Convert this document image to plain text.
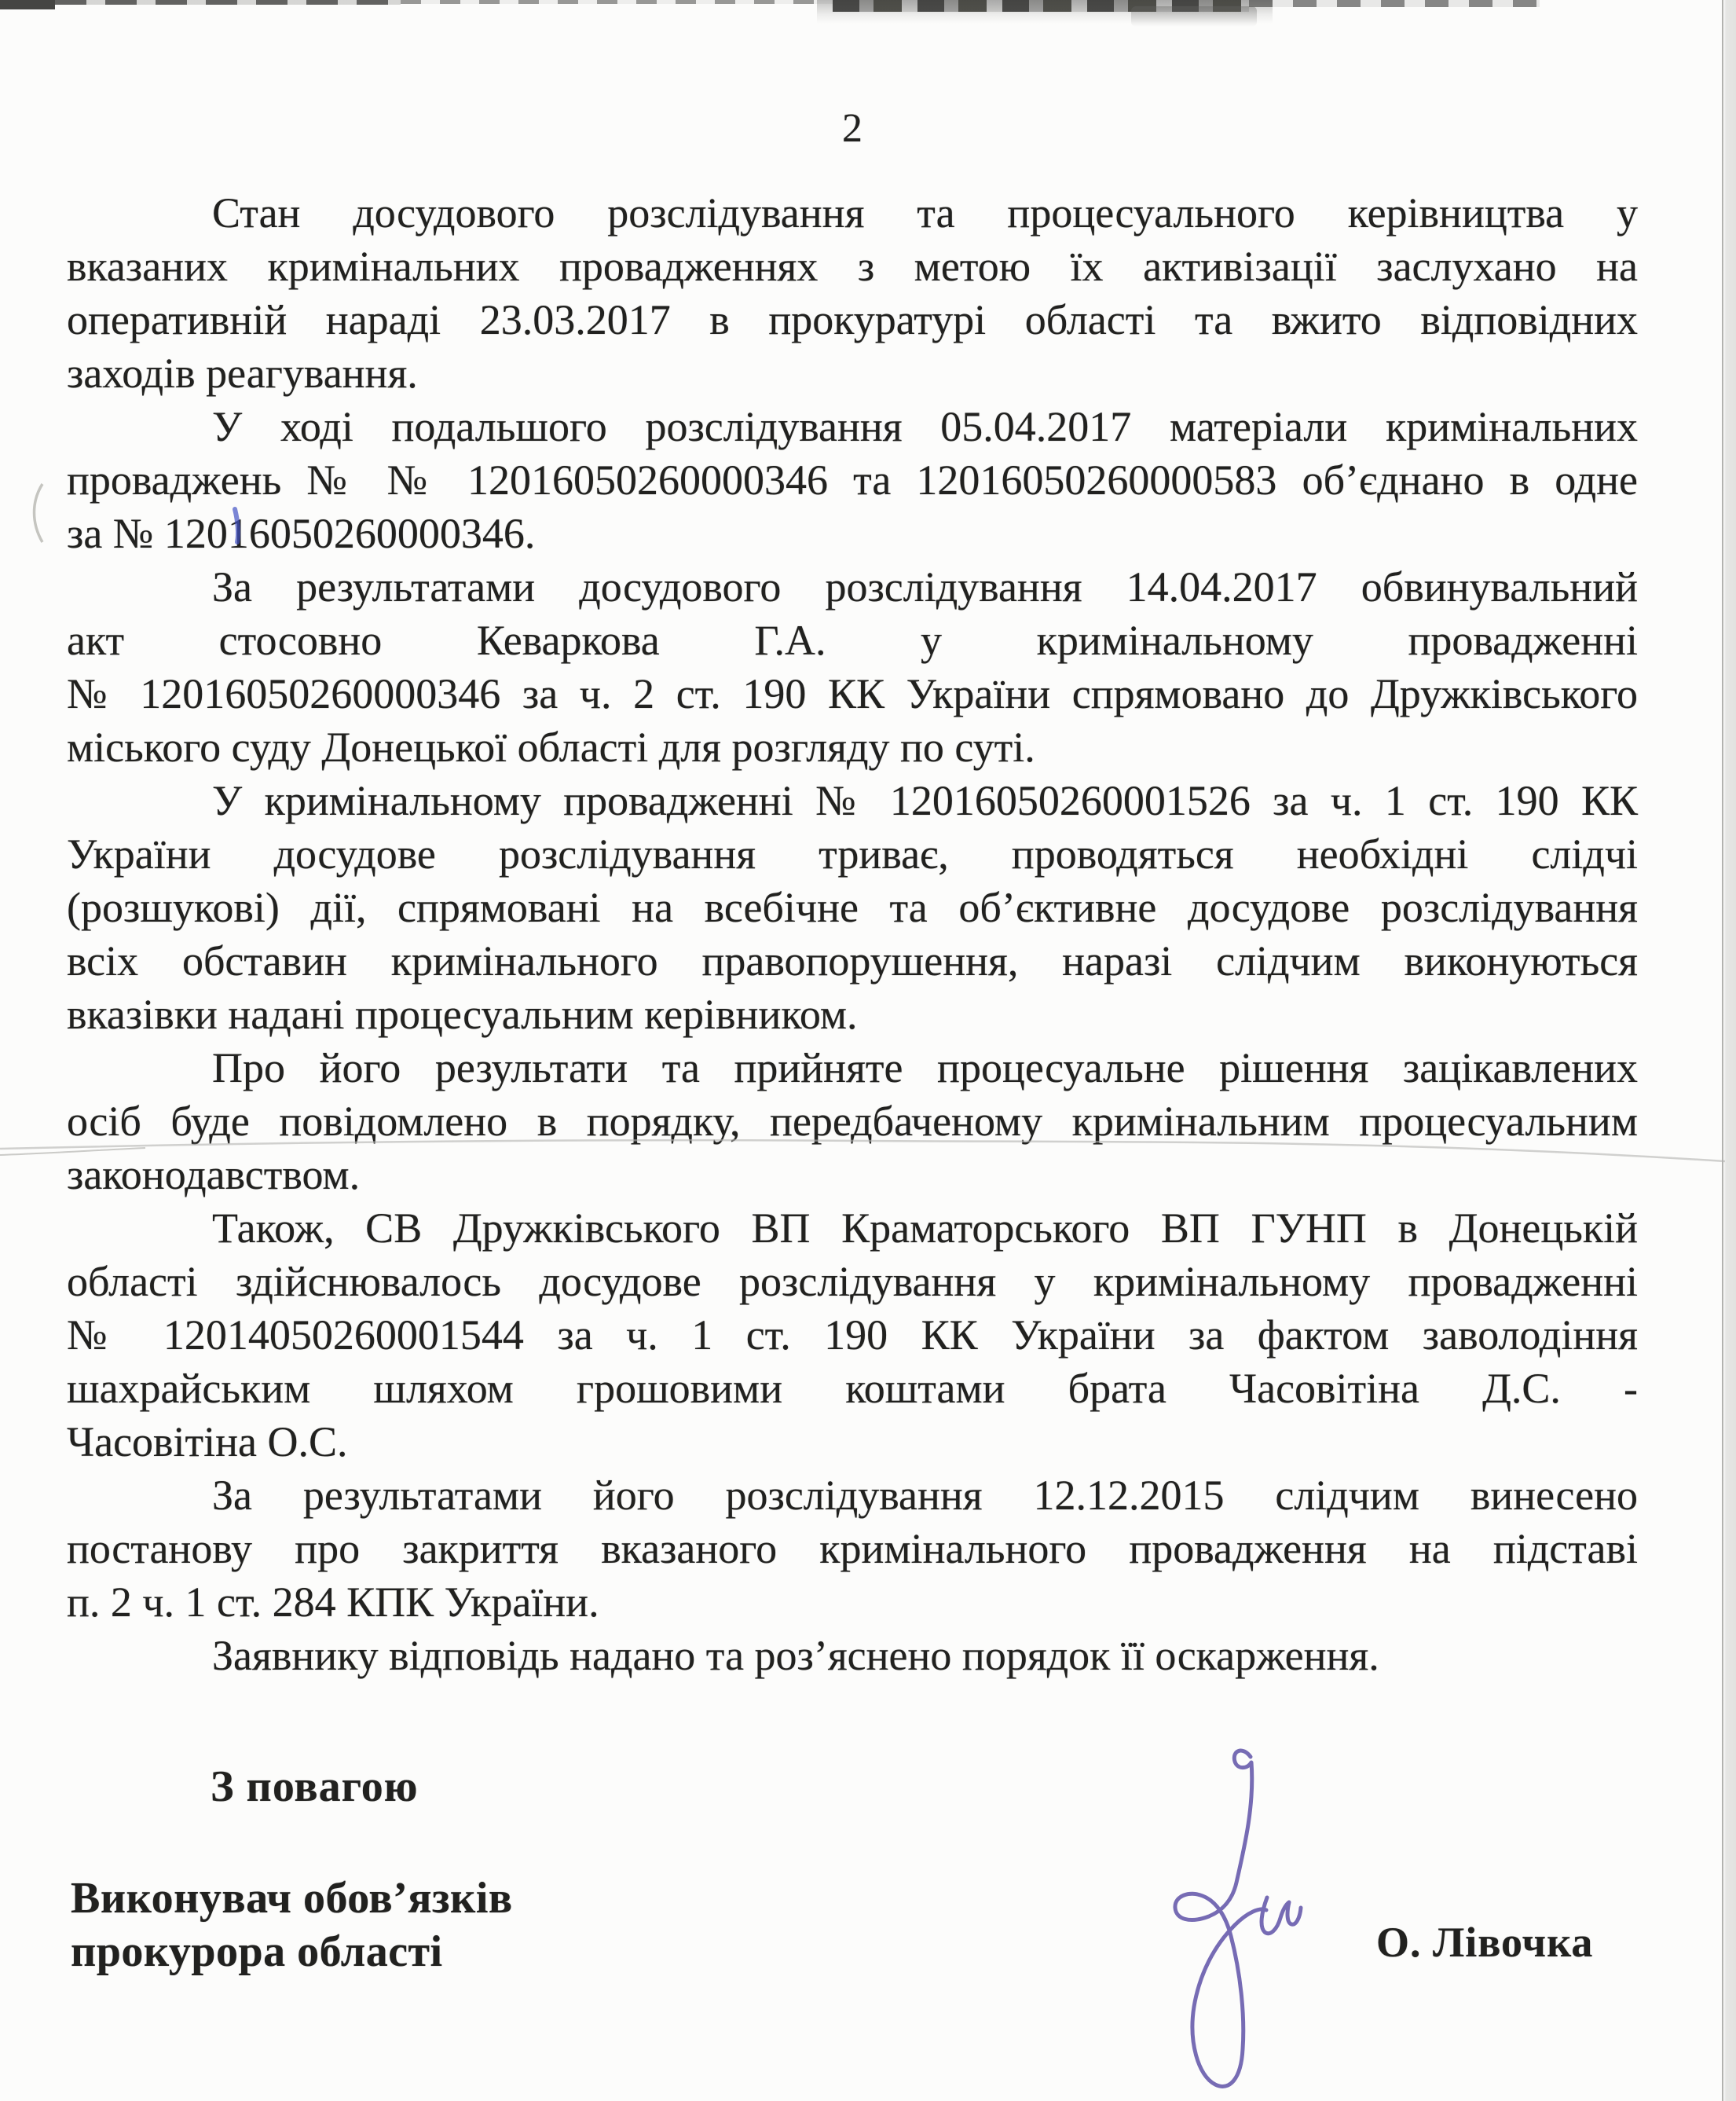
2
Стан досудового розслідування та процесуального керівництва у
вказаних кримінальних провадженнях з метою їх активізації заслухано на
оперативній нараді 23.03.2017 в прокуратурі області та вжито відповідних
заходів реагування.
У ході подальшого розслідування 05.04.2017 матеріали кримінальних
проваджень № № 12016050260000346 та 12016050260000583 об’єднано в одне
за № 12016050260000346.
За результатами досудового розслідування 14.04.2017 обвинувальний
акт стосовно Кеваркова Г.А. у кримінальному провадженні
№ 12016050260000346 за ч. 2 ст. 190 КК України спрямовано до Дружківського
міського суду Донецької області для розгляду по суті.
У кримінальному провадженні № 12016050260001526 за ч. 1 ст. 190 КК
України досудове розслідування триває, проводяться необхідні слідчі
(розшукові) дії, спрямовані на всебічне та об’єктивне досудове розслідування
всіх обставин кримінального правопорушення, наразі слідчим виконуються
вказівки надані процесуальним керівником.
Про його результати та прийняте процесуальне рішення зацікавлених
осіб буде повідомлено в порядку, передбаченому кримінальним процесуальним
законодавством.
Також, СВ Дружківського ВП Краматорського ВП ГУНП в Донецькій
області здійснювалось досудове розслідування у кримінальному провадженні
№ 12014050260001544 за ч. 1 ст. 190 КК України за фактом заволодіння
шахрайським шляхом грошовими коштами брата Часовітіна Д.С. -
Часовітіна О.С.
За результатами його розслідування 12.12.2015 слідчим винесено
постанову про закриття вказаного кримінального провадження на підставі
п. 2 ч. 1 ст. 284 КПК України.
Заявнику відповідь надано та роз’яснено порядок її оскарження.
З повагою
Виконувач обов’язків
прокурора області	О. Лівочка
